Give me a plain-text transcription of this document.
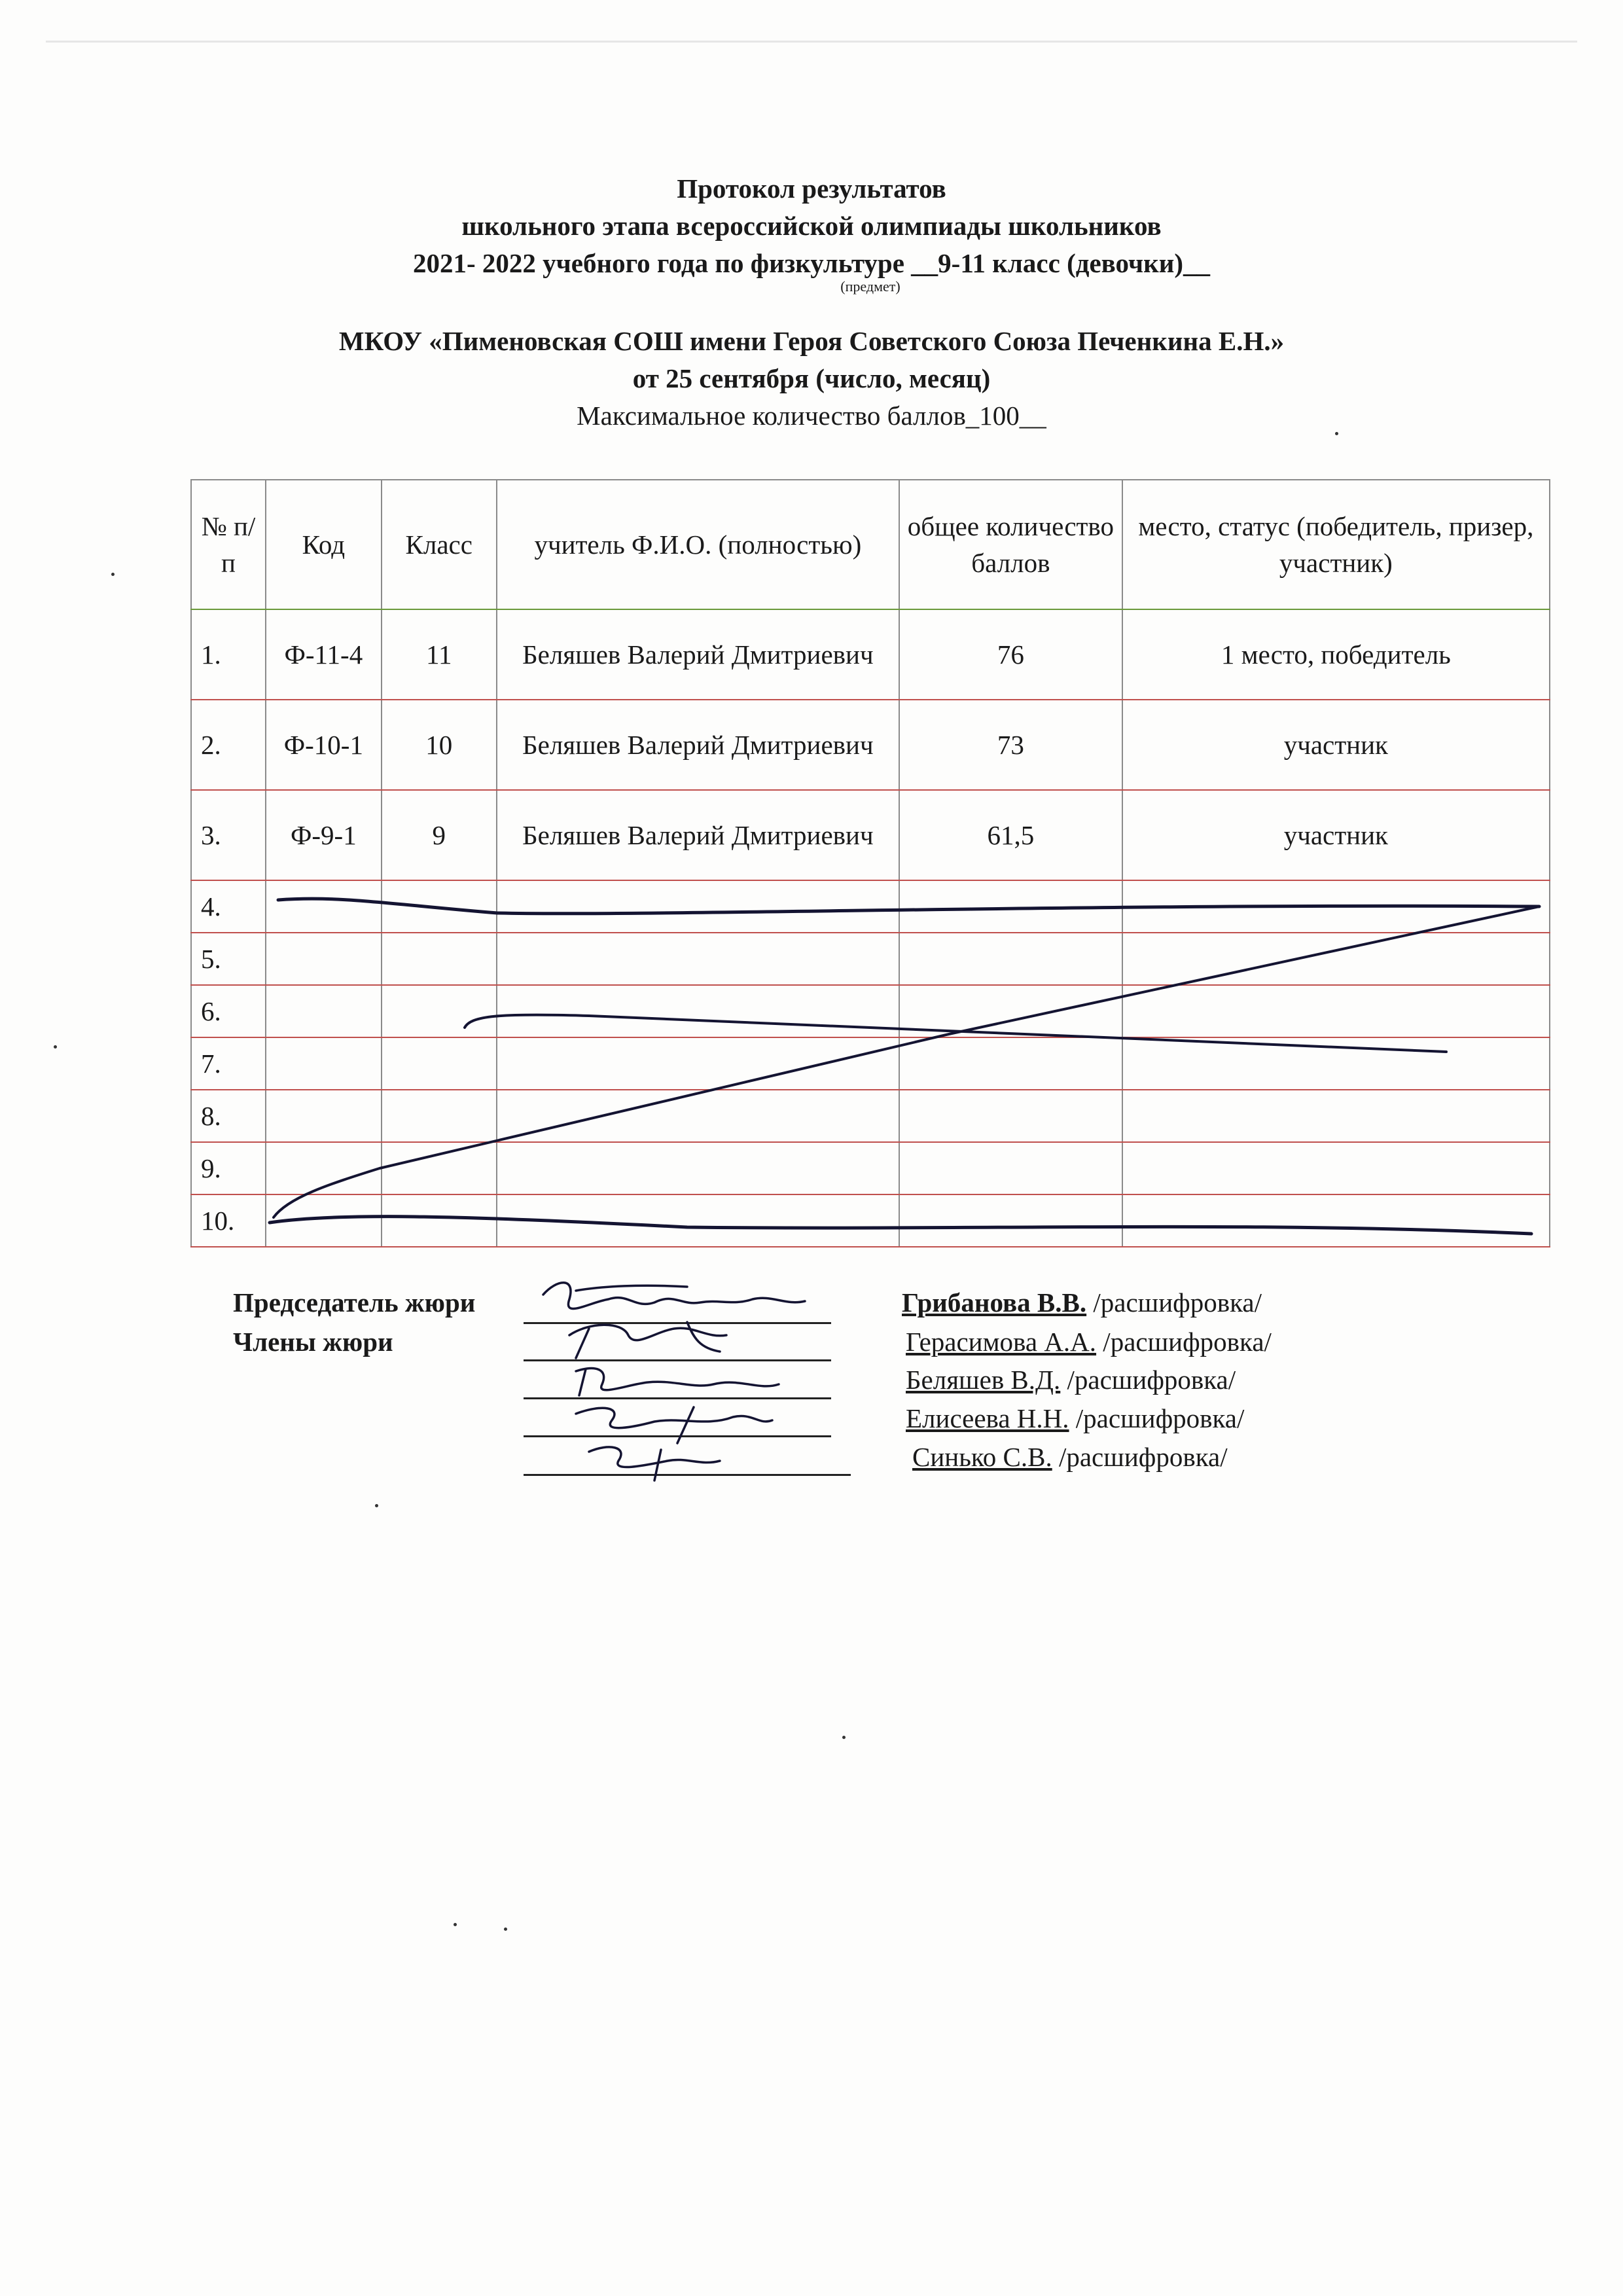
Протокол результатов
школьного этапа всероссийской олимпиады школьников
2021- 2022 учебного года по физкультуре __9-11 класс (девочки)__
(предмет)
МКОУ «Пименовская СОШ имени Героя Советского Союза Печенкина Е.Н.»
от 25 сентября (число, месяц)
Максимальное количество баллов_100__
№ п/п	Код	Класс	учитель Ф.И.О. (полностью)	общее количество баллов	место, статус (победитель, призер, участник)
1.	Ф-11-4	11	Беляшев Валерий Дмитриевич	76	1 место, победитель
2.	Ф-10-1	10	Беляшев Валерий Дмитриевич	73	участник
3.	Ф-9-1	9	Беляшев Валерий Дмитриевич	61,5	участник
4.					
5.					
6.					
7.					
8.					
9.					
10.					
Председатель жюри
Члены жюри
Грибанова В.В. /расшифровка/
Герасимова А.А. /расшифровка/
Беляшев В.Д. /расшифровка/
Елисеева Н.Н. /расшифровка/
Синько С.В. /расшифровка/
